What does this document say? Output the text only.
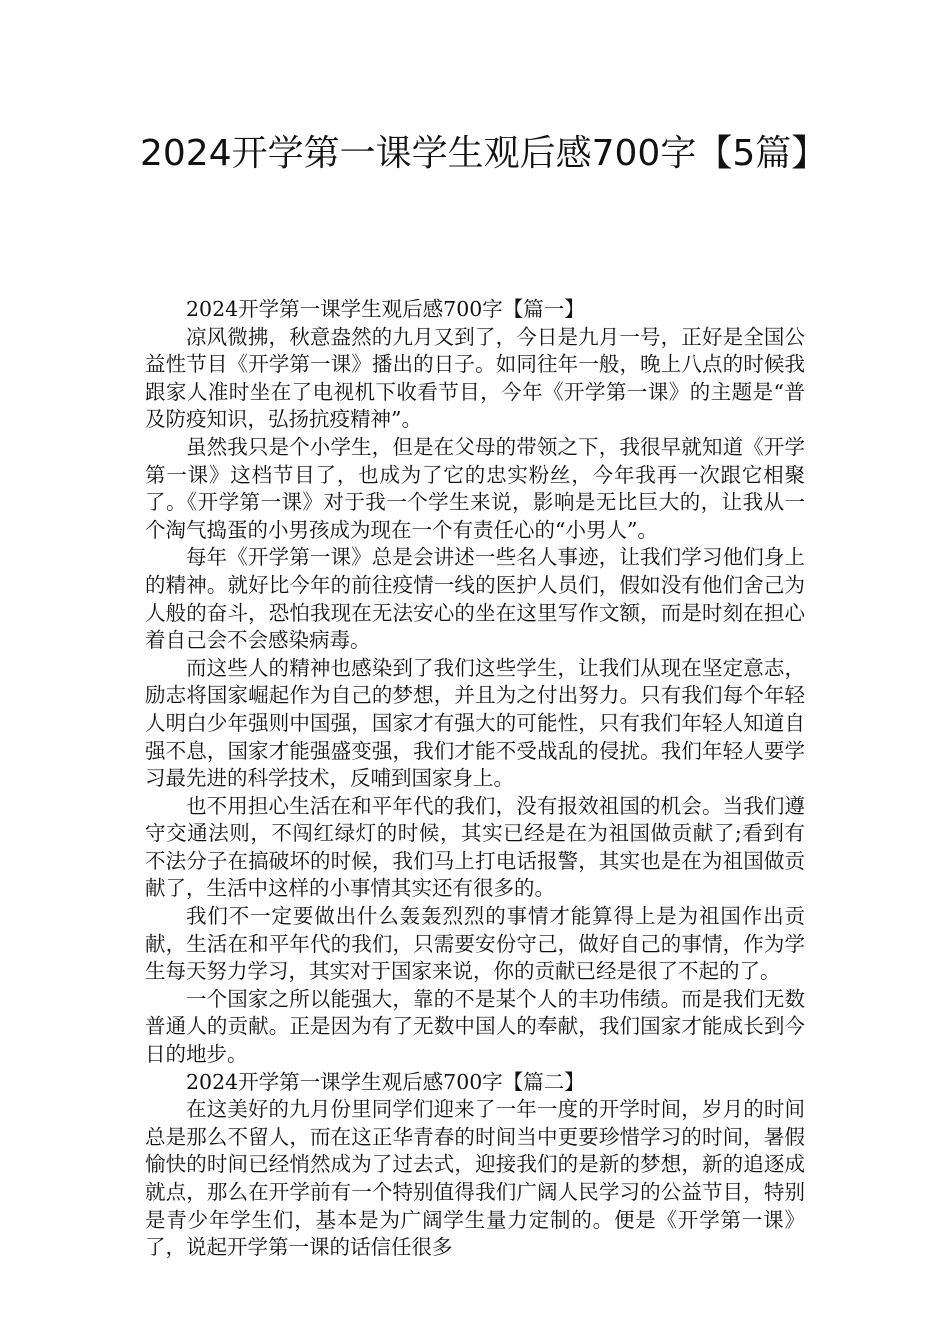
2024开学第一课学生观后感700字【5篇】

2024开学第一课学生观后感700字【篇一】

凉风微拂，秋意盎然的九月又到了，今日是九月一号，正好是全国公益性节目《开学第一课》播出的日子。如同往年一般，晚上八点的时候我跟家人准时坐在了电视机下收看节目，今年《开学第一课》的主题是“普及防疫知识，弘扬抗疫精神”。

虽然我只是个小学生，但是在父母的带领之下，我很早就知道《开学第一课》这档节目了，也成为了它的忠实粉丝，今年我再一次跟它相聚了。《开学第一课》对于我一个学生来说，影响是无比巨大的，让我从一个淘气捣蛋的小男孩成为现在一个有责任心的“小男人”。

每年《开学第一课》总是会讲述一些名人事迹，让我们学习他们身上的精神。就好比今年的前往疫情一线的医护人员们，假如没有他们舍己为人般的奋斗，恐怕我现在无法安心的坐在这里写作文额，而是时刻在担心着自己会不会感染病毒。

而这些人的精神也感染到了我们这些学生，让我们从现在坚定意志，励志将国家崛起作为自己的梦想，并且为之付出努力。只有我们每个年轻人明白少年强则中国强，国家才有强大的可能性，只有我们年轻人知道自强不息，国家才能强盛变强，我们才能不受战乱的侵扰。我们年轻人要学习最先进的科学技术，反哺到国家身上。

也不用担心生活在和平年代的我们，没有报效祖国的机会。当我们遵守交通法则，不闯红绿灯的时候，其实已经是在为祖国做贡献了;看到有不法分子在搞破坏的时候，我们马上打电话报警，其实也是在为祖国做贡献了，生活中这样的小事情其实还有很多的。

我们不一定要做出什么轰轰烈烈的事情才能算得上是为祖国作出贡献，生活在和平年代的我们，只需要安份守己，做好自己的事情，作为学生每天努力学习，其实对于国家来说，你的贡献已经是很了不起的了。

一个国家之所以能强大，靠的不是某个人的丰功伟绩。而是我们无数普通人的贡献。正是因为有了无数中国人的奉献，我们国家才能成长到今日的地步。

2024开学第一课学生观后感700字【篇二】

在这美好的九月份里同学们迎来了一年一度的开学时间，岁月的时间总是那么不留人，而在这正华青春的时间当中更要珍惜学习的时间，暑假愉快的时间已经悄然成为了过去式，迎接我们的是新的梦想，新的追逐成就点，那么在开学前有一个特别值得我们广阔人民学习的公益节目，特别是青少年学生们，基本是为广阔学生量力定制的。便是《开学第一课》了，说起开学第一课的话信任很多
